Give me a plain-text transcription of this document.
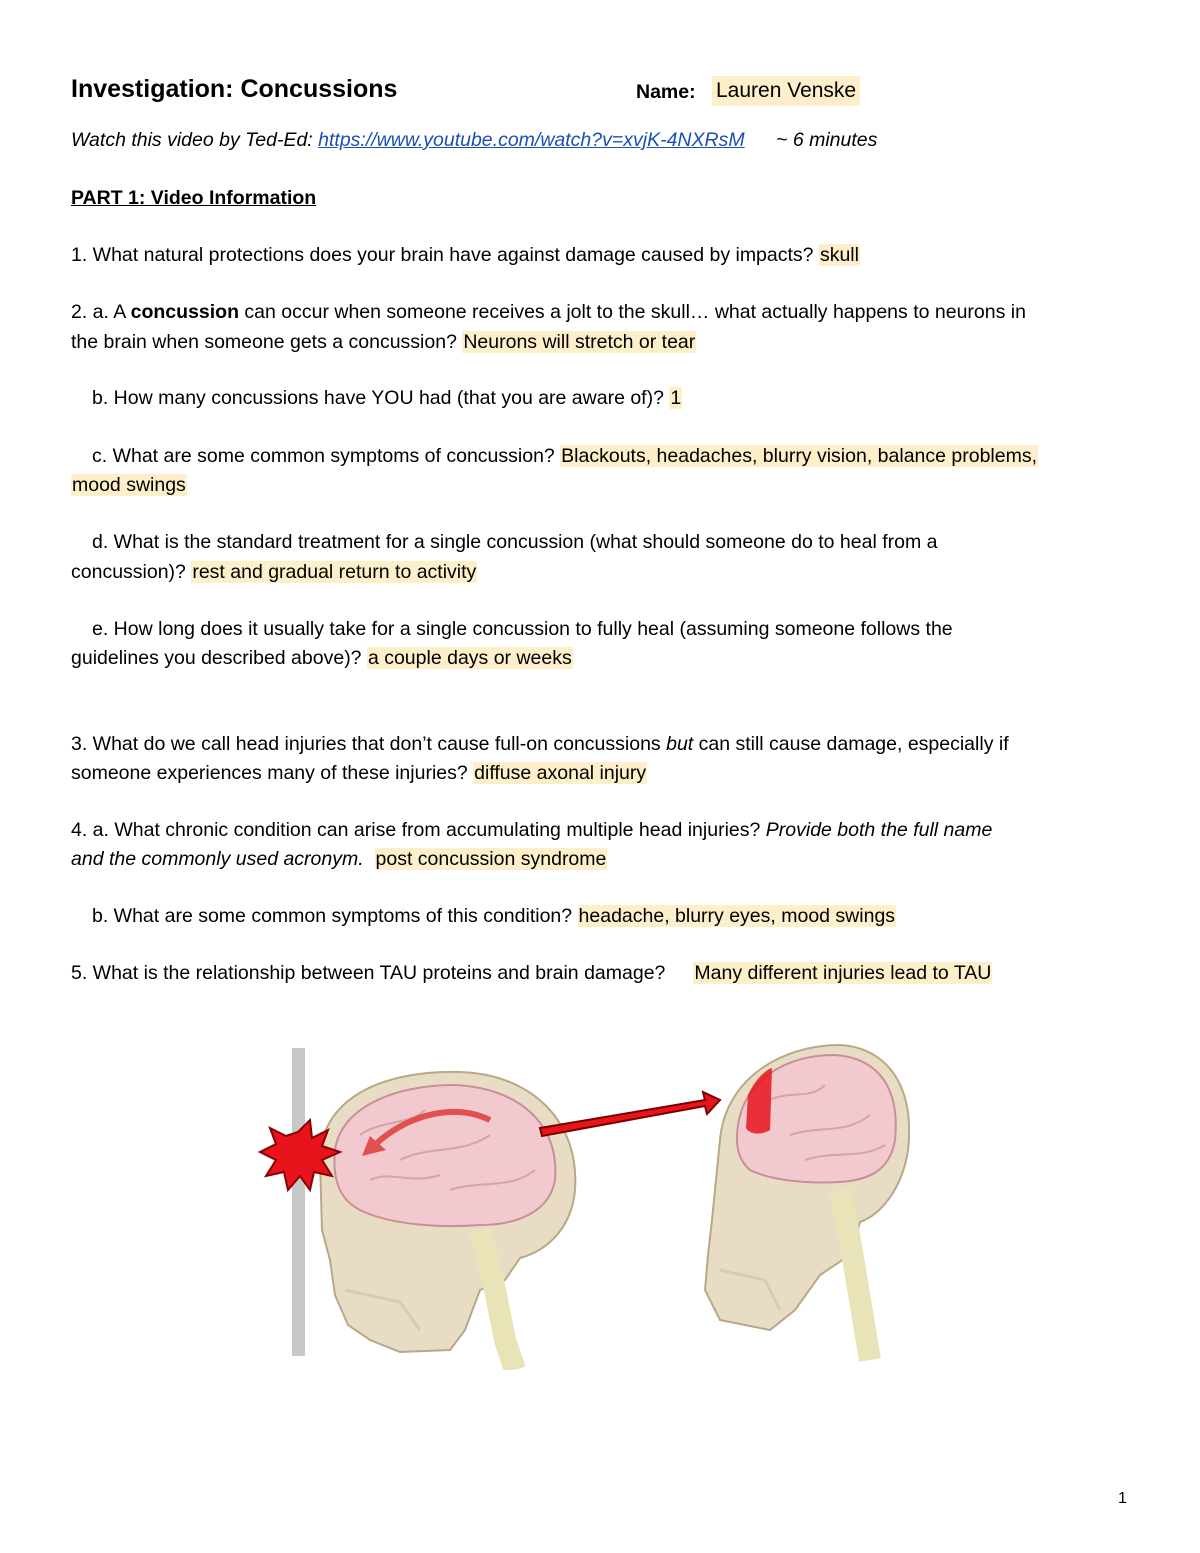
Investigation: Concussions	Name: Lauren Venske
Watch this video by Ted-Ed: https://www.youtube.com/watch?v=xvjK-4NXRsM ~ 6 minutes
PART 1: Video Information
1. What natural protections does your brain have against damage caused by impacts? skull
2. a. A concussion can occur when someone receives a jolt to the skull… what actually happens to neurons in
the brain when someone gets a concussion? Neurons will stretch or tear
b. How many concussions have YOU had (that you are aware of)? 1
c. What are some common symptoms of concussion? Blackouts, headaches, blurry vision, balance problems,
mood swings
d. What is the standard treatment for a single concussion (what should someone do to heal from a
concussion)? rest and gradual return to activity
e. How long does it usually take for a single concussion to fully heal (assuming someone follows the
guidelines you described above)? a couple days or weeks
3. What do we call head injuries that don’t cause full-on concussions but can still cause damage, especially if
someone experiences many of these injuries? diffuse axonal injury
4. a. What chronic condition can arise from accumulating multiple head injuries? Provide both the full name
and the commonly used acronym. post concussion syndrome
b. What are some common symptoms of this condition? headache, blurry eyes, mood swings
5. What is the relationship between TAU proteins and brain damage? Many different injuries lead to TAU
1
